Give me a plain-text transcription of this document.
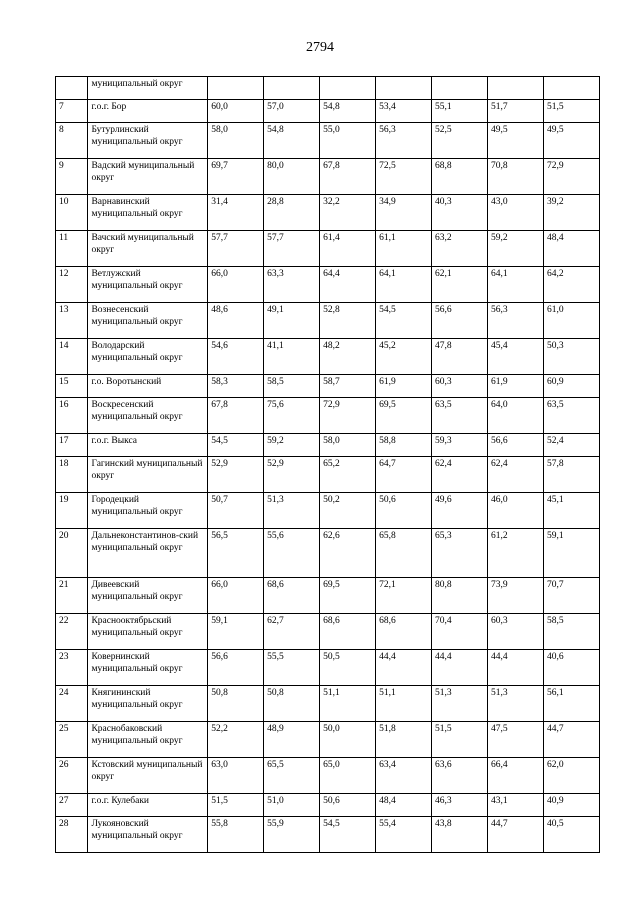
2794
	муниципальный округ							
7	г.о.г. Бор	60,0	57,0	54,8	53,4	55,1	51,7	51,5
8	Бутурлинский муниципальный округ	58,0	54,8	55,0	56,3	52,5	49,5	49,5
9	Вадский муниципальный округ	69,7	80,0	67,8	72,5	68,8	70,8	72,9
10	Варнавинский муниципальный округ	31,4	28,8	32,2	34,9	40,3	43,0	39,2
11	Вачский муниципальный округ	57,7	57,7	61,4	61,1	63,2	59,2	48,4
12	Ветлужский муниципальный округ	66,0	63,3	64,4	64,1	62,1	64,1	64,2
13	Вознесенский муниципальный округ	48,6	49,1	52,8	54,5	56,6	56,3	61,0
14	Володарский муниципальный округ	54,6	41,1	48,2	45,2	47,8	45,4	50,3
15	г.о. Воротынский	58,3	58,5	58,7	61,9	60,3	61,9	60,9
16	Воскресенский муниципальный округ	67,8	75,6	72,9	69,5	63,5	64,0	63,5
17	г.о.г. Выкса	54,5	59,2	58,0	58,8	59,3	56,6	52,4
18	Гагинский муниципальный округ	52,9	52,9	65,2	64,7	62,4	62,4	57,8
19	Городецкий муниципальный округ	50,7	51,3	50,2	50,6	49,6	46,0	45,1
20	Дальнеконстантинов-ский муниципальный округ	56,5	55,6	62,6	65,8	65,3	61,2	59,1
21	Дивеевский муниципальный округ	66,0	68,6	69,5	72,1	80,8	73,9	70,7
22	Краснооктябрьский муниципальный округ	59,1	62,7	68,6	68,6	70,4	60,3	58,5
23	Ковернинский муниципальный округ	56,6	55,5	50,5	44,4	44,4	44,4	40,6
24	Княгининский муниципальный округ	50,8	50,8	51,1	51,1	51,3	51,3	56,1
25	Краснобаковский муниципальный округ	52,2	48,9	50,0	51,8	51,5	47,5	44,7
26	Кстовский муниципальный округ	63,0	65,5	65,0	63,4	63,6	66,4	62,0
27	г.о.г. Кулебаки	51,5	51,0	50,6	48,4	46,3	43,1	40,9
28	Лукояновский муниципальный округ	55,8	55,9	54,5	55,4	43,8	44,7	40,5
